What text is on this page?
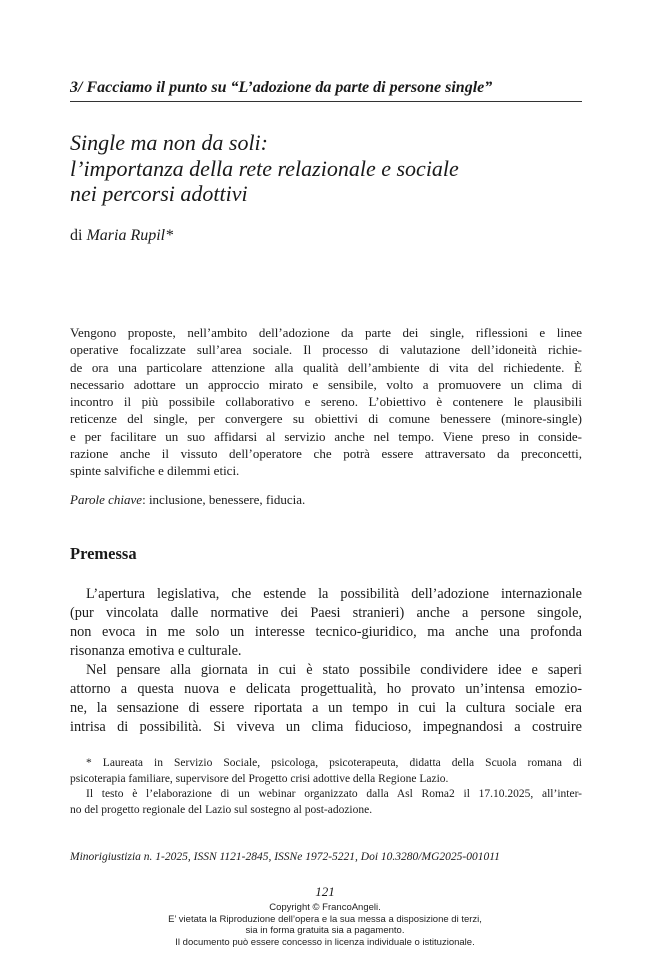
3/ Facciamo il punto su “L’adozione da parte di persone single”
Single ma non da soli:
l’importanza della rete relazionale e sociale
nei percorsi adottivi
di Maria Rupil*
Vengono proposte, nell’ambito dell’adozione da parte dei single, riflessioni e linee
operative focalizzate sull’area sociale. Il processo di valutazione dell’idoneità richie-
de ora una particolare attenzione alla qualità dell’ambiente di vita del richiedente. È
necessario adottare un approccio mirato e sensibile, volto a promuovere un clima di
incontro il più possibile collaborativo e sereno. L’obiettivo è contenere le plausibili
reticenze del single, per convergere su obiettivi di comune benessere (minore-single)
e per facilitare un suo affidarsi al servizio anche nel tempo. Viene preso in conside-
razione anche il vissuto dell’operatore che potrà essere attraversato da preconcetti,
spinte salvifiche e dilemmi etici.
Parole chiave: inclusione, benessere, fiducia.
Premessa
L’apertura legislativa, che estende la possibilità dell’adozione internazionale
(pur vincolata dalle normative dei Paesi stranieri) anche a persone singole,
non evoca in me solo un interesse tecnico-giuridico, ma anche una profonda
risonanza emotiva e culturale.
Nel pensare alla giornata in cui è stato possibile condividere idee e saperi
attorno a questa nuova e delicata progettualità, ho provato un’intensa emozio-
ne, la sensazione di essere riportata a un tempo in cui la cultura sociale era
intrisa di possibilità. Si viveva un clima fiducioso, impegnandosi a costruire
* Laureata in Servizio Sociale, psicologa, psicoterapeuta, didatta della Scuola romana di
psicoterapia familiare, supervisore del Progetto crisi adottive della Regione Lazio.
Il testo è l’elaborazione di un webinar organizzato dalla Asl Roma2 il 17.10.2025, all’inter-
no del progetto regionale del Lazio sul sostegno al post-adozione.
Minorigiustizia n. 1-2025, ISSN 1121-2845, ISSNe 1972-5221, Doi 10.3280/MG2025-001011
121
Copyright © FrancoAngeli.
E’ vietata la Riproduzione dell’opera e la sua messa a disposizione di terzi,
sia in forma gratuita sia a pagamento.
Il documento può essere concesso in licenza individuale o istituzionale.
